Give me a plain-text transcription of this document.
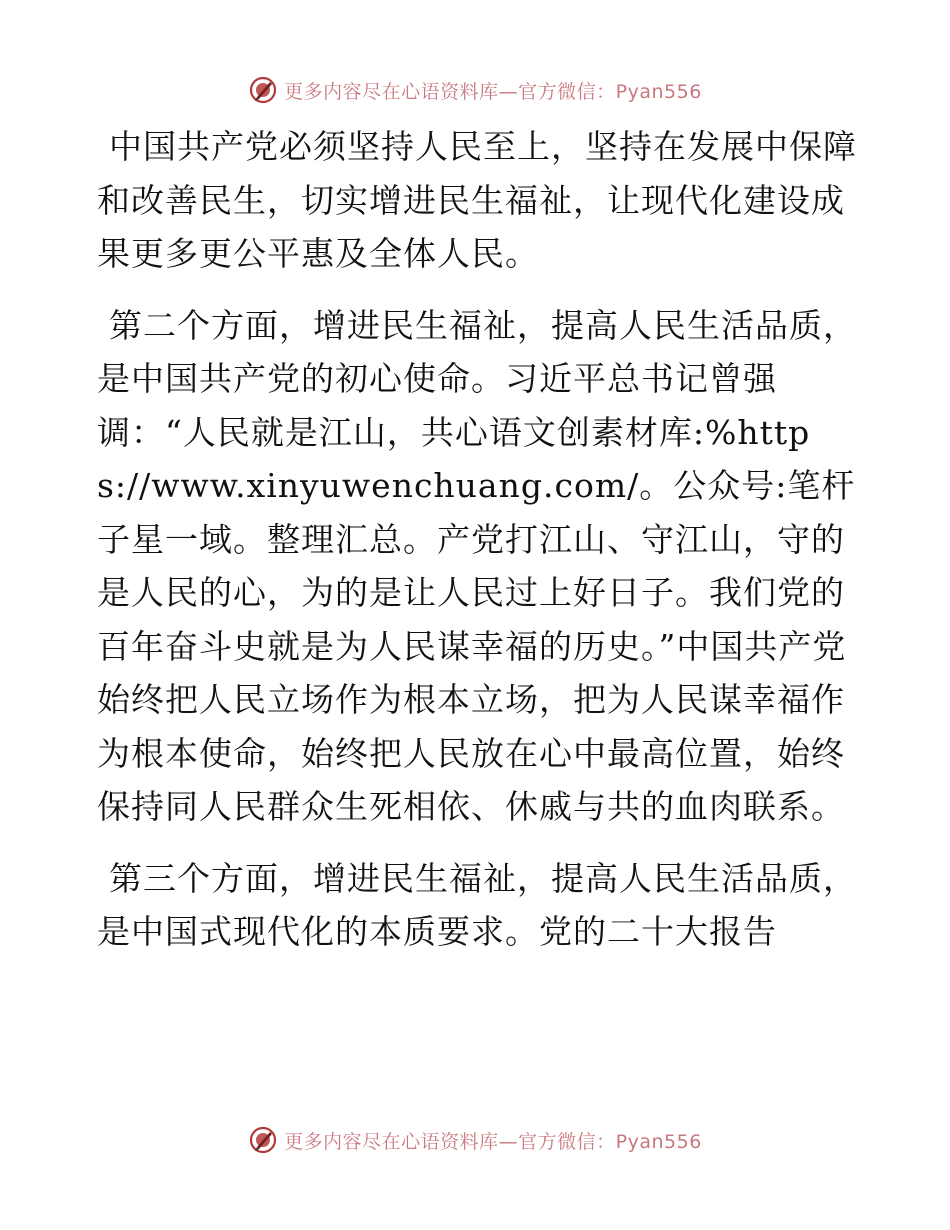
更多内容尽在心语资料库—官方微信：Pyan556

中国共产党必须坚持人民至上，坚持在发展中保障和改善民生，切实增进民生福祉，让现代化建设成果更多更公平惠及全体人民。

第二个方面，增进民生福祉，提高人民生活品质，是中国共产党的初心使命。习近平总书记曾强调：“人民就是江山，共心语文创素材库:%https://www.xinyuwenchuang.com/。公众号:笔杆子星一域。整理汇总。产党打江山、守江山，守的是人民的心，为的是让人民过上好日子。我们党的百年奋斗史就是为人民谋幸福的历史。”中国共产党始终把人民立场作为根本立场，把为人民谋幸福作为根本使命，始终把人民放在心中最高位置，始终保持同人民群众生死相依、休戚与共的血肉联系。

第三个方面，增进民生福祉，提高人民生活品质，是中国式现代化的本质要求。党的二十大报告

更多内容尽在心语资料库—官方微信：Pyan556
